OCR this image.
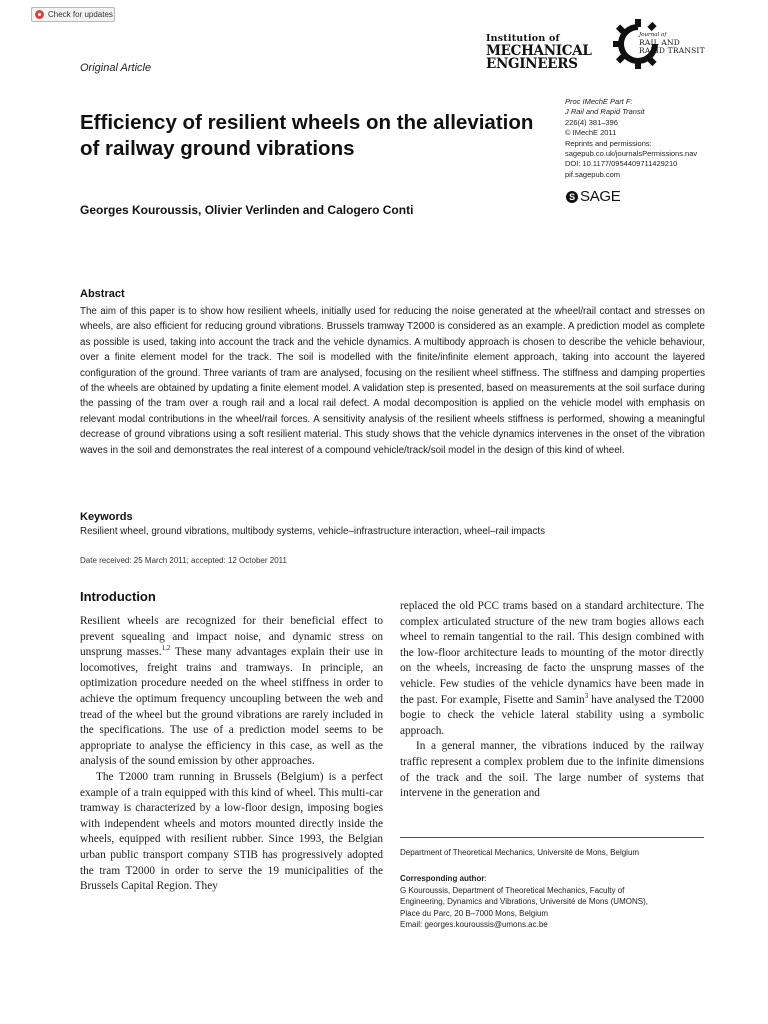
Check for updates
Original Article
Institution of
MECHANICAL
ENGINEERS
Journal of
RAIL AND
RAPID TRANSIT
Proc IMechE Part F:
J Rail and Rapid Transit
226(4) 381–396
© IMechE 2011
Reprints and permissions:
sagepub.co.uk/journalsPermissions.nav
DOI: 10.1177/0954409711429210
pif.sagepub.com
S SAGE
Efficiency of resilient wheels on the alleviation of railway ground vibrations
Georges Kouroussis, Olivier Verlinden and Calogero Conti
Abstract

The aim of this paper is to show how resilient wheels, initially used for reducing the noise generated at the wheel/rail contact and stresses on wheels, are also efficient for reducing ground vibrations. Brussels tramway T2000 is considered as an example. A prediction model as complete as possible is used, taking into account the track and the vehicle dynamics. A multibody approach is chosen to describe the vehicle behaviour, over a finite element model for the track. The soil is modelled with the finite/infinite element approach, taking into account the layered configuration of the ground. Three variants of tram are analysed, focusing on the resilient wheel stiffness. The stiffness and damping properties of the wheels are obtained by updating a finite element model. A validation step is presented, based on measurements at the soil surface during the passing of the tram over a rough rail and a local rail defect. A modal decomposition is applied on the vehicle model with emphasis on relevant modal contributions in the wheel/rail forces. A sensitivity analysis of the resilient wheels stiffness is performed, showing a meaningful decrease of ground vibrations using a soft resilient material. This study shows that the vehicle dynamics intervenes in the onset of the vibration waves in the soil and demonstrates the real interest of a compound vehicle/track/soil model in the design of this kind of wheel.

Keywords
Resilient wheel, ground vibrations, multibody systems, vehicle–infrastructure interaction, wheel–rail impacts
Date received: 25 March 2011; accepted: 12 October 2011
Introduction

Resilient wheels are recognized for their beneficial effect to prevent squealing and impact noise, and dynamic stress on unsprung masses.$^{1,2}$ These many advantages explain their use in locomotives, freight trains and tramways. In principle, an optimization procedure needed on the wheel stiffness in order to achieve the optimum frequency uncoupling between the web and tread of the wheel but the ground vibrations are rarely included in the specifications. The use of a prediction model seems to be appropriate to analyse the efficiency in this case, as well as the analysis of the sound emission by other approaches.

The T2000 tram running in Brussels (Belgium) is a perfect example of a train equipped with this kind of wheel. This multi-car tramway is characterized by a low-floor design, imposing bogies with independent wheels and motors mounted directly inside the wheels, equipped with resilient rubber. Since 1993, the Belgian urban public transport company STIB has progressively adopted the tram T2000 in order to serve the 19 municipalities of the Brussels Capital Region. They

replaced the old PCC trams based on a standard architecture. The complex articulated structure of the new tram bogies allows each wheel to remain tangential to the rail. This design combined with the low-floor architecture leads to mounting of the motor directly on the wheels, increasing de facto the unsprung masses of the vehicle. Few studies of the vehicle dynamics have been made in the past. For example, Fisette and Samin$^3$ have analysed the T2000 bogie to check the vehicle lateral stability using a symbolic approach.

In a general manner, the vibrations induced by the railway traffic represent a complex problem due to the infinite dimensions of the track and the soil. The large number of systems that intervene in the generation and

Department of Theoretical Mechanics, Université de Mons, Belgium
Corresponding author:
G Kouroussis, Department of Theoretical Mechanics, Faculty of
Engineering, Dynamics and Vibrations, Université de Mons (UMONS),
Place du Parc, 20 B–7000 Mons, Belgium
Email: georges.kouroussis@umons.ac.be
